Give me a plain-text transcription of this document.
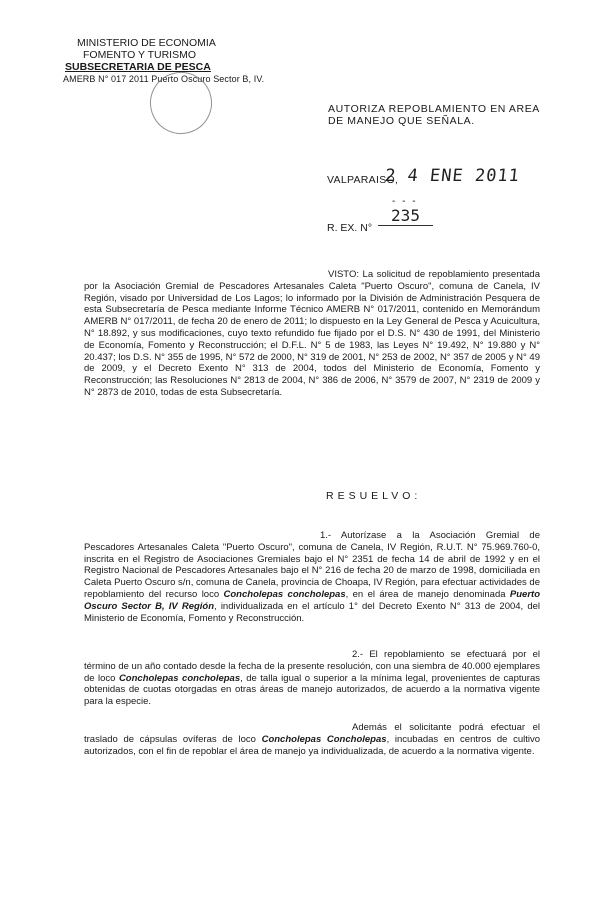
MINISTERIO DE ECONOMIA
FOMENTO Y TURISMO
SUBSECRETARIA DE PESCA
AMERB N° 017 2011 Puerto Oscuro Sector B, IV.
AUTORIZA REPOBLAMIENTO EN AREA
DE MANEJO QUE SEÑALA.
VALPARAISO,
2 4 ENE 2011
- - -
R. EX. N°
235
VISTO: La solicitud de repoblamiento presentada por la Asociación Gremial de Pescadores Artesanales Caleta "Puerto Oscuro", comuna de Canela, IV Región, visado por Universidad de Los Lagos; lo informado por la División de Administración Pesquera de esta Subsecretaría de Pesca mediante Informe Técnico AMERB N° 017/2011, contenido en Memorándum AMERB N° 017/2011, de fecha 20 de enero de 2011; lo dispuesto en la Ley General de Pesca y Acuicultura, N° 18.892, y sus modificaciones, cuyo texto refundido fue fijado por el D.S. N° 430 de 1991, del Ministerio de Economía, Fomento y Reconstrucción; el D.F.L. N° 5 de 1983, las Leyes N° 19.492, N° 19.880 y N° 20.437; los D.S. N° 355 de 1995, N° 572 de 2000, N° 319 de 2001, N° 253 de 2002, N° 357 de 2005 y N° 49 de 2009, y el Decreto Exento N° 313 de 2004, todos del Ministerio de Economía, Fomento y Reconstrucción; las Resoluciones N° 2813 de 2004, N° 386 de 2006, N° 3579 de 2007, N° 2319 de 2009 y N° 2873 de 2010, todas de esta Subsecretaría.
RESUELVO:
1.- Autorízase a la Asociación Gremial de Pescadores Artesanales Caleta "Puerto Oscuro", comuna de Canela, IV Región, R.U.T. N° 75.969.760-0, inscrita en el Registro de Asociaciones Gremiales bajo el N° 2351 de fecha 14 de abril de 1992 y en el Registro Nacional de Pescadores Artesanales bajo el N° 216 de fecha 20 de marzo de 1998, domiciliada en Caleta Puerto Oscuro s/n, comuna de Canela, provincia de Choapa, IV Región, para efectuar actividades de repoblamiento del recurso loco Concholepas concholepas, en el área de manejo denominada Puerto Oscuro Sector B, IV Región, individualizada en el artículo 1° del Decreto Exento N° 313 de 2004, del Ministerio de Economía, Fomento y Reconstrucción.
2.- El repoblamiento se efectuará por el término de un año contado desde la fecha de la presente resolución, con una siembra de 40.000 ejemplares de loco Concholepas concholepas, de talla igual o superior a la mínima legal, provenientes de capturas obtenidas de cuotas otorgadas en otras áreas de manejo autorizados, de acuerdo a la normativa vigente para la especie.
Además el solicitante podrá efectuar el traslado de cápsulas ovíferas de loco Concholepas Concholepas, incubadas en centros de cultivo autorizados, con el fin de repoblar el área de manejo ya individualizada, de acuerdo a la normativa vigente.
